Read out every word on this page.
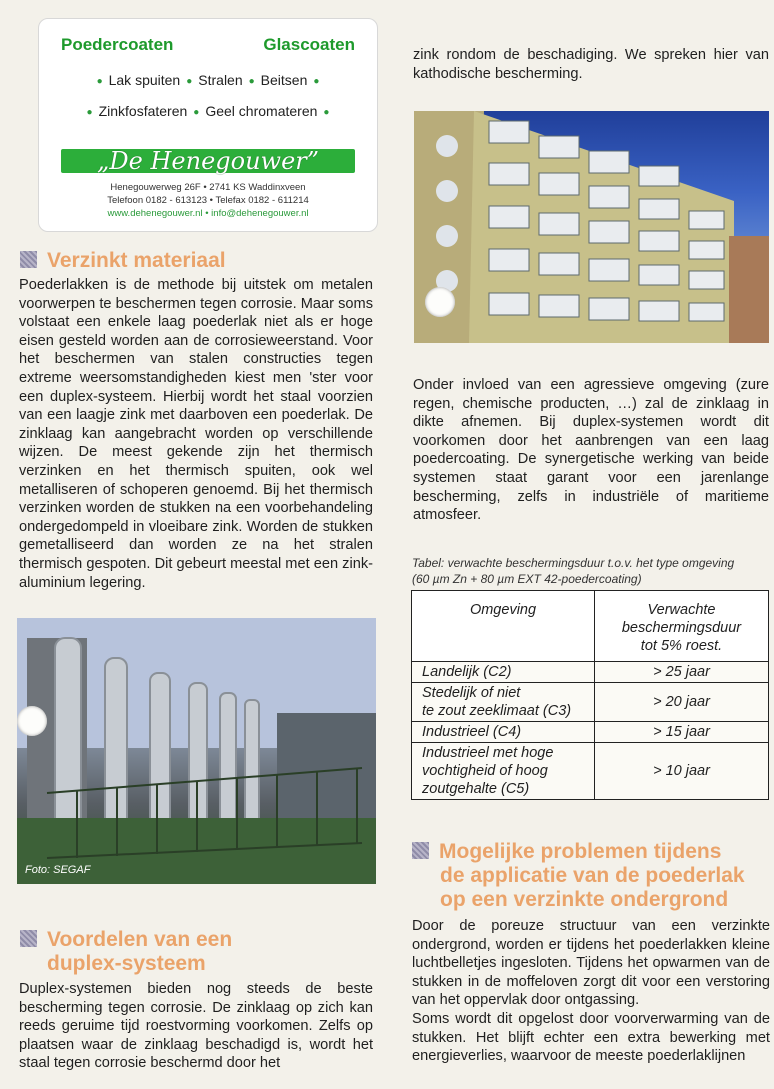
Poedercoaten	Glascoaten
● Lak spuiten ● Stralen ● Beitsen ●
● Zinkfosfateren ● Geel chromateren ●
„De Henegouwer”
Henegouwerweg 26F • 2741 KS Waddinxveen
Telefoon 0182 - 613123 • Telefax 0182 - 611214
www.dehenegouwer.nl • info@dehenegouwer.nl
Verzinkt materiaal
Poederlakken is de methode bij uitstek om metalen voorwerpen te beschermen tegen corrosie. Maar soms volstaat een enkele laag poederlak niet als er hoge eisen gesteld worden aan de corrosieweerstand. Voor het beschermen van stalen constructies tegen extreme weersomstandigheden kiest men 'ster voor een duplex-systeem. Hierbij wordt het staal voorzien van een laagje zink met daarboven een poederlak. De zinklaag kan aangebracht worden op verschillende wijzen. De meest gekende zijn het thermisch verzinken en het thermisch spuiten, ook wel metalliseren of schoperen genoemd. Bij het thermisch verzinken worden de stukken na een voorbehandeling ondergedompeld in vloeibare zink. Worden de stukken gemetalliseerd dan worden ze na het stralen thermisch gespoten. Dit gebeurt meestal met een zink-aluminium legering.
Foto: SEGAF
Voordelen van een
duplex-systeem
Duplex-systemen bieden nog steeds de beste bescherming tegen corrosie. De zinklaag op zich kan reeds geruime tijd roestvorming voorkomen. Zelfs op plaatsen waar de zinklaag beschadigd is, wordt het staal tegen corrosie beschermd door het
zink rondom de beschadiging. We spreken hier van kathodische bescherming.
Onder invloed van een agressieve omgeving (zure regen, chemische producten, …) zal de zinklaag in dikte afnemen. Bij duplex-systemen wordt dit voorkomen door het aanbrengen van een laag poedercoating. De synergetische werking van beide systemen staat garant voor een jarenlange bescherming, zelfs in industriële of maritieme atmosfeer.
Tabel: verwachte beschermingsduur t.o.v. het type omgeving
(60 µm Zn + 80 µm EXT 42-poedercoating)
Omgeving	Verwachte
beschermingsduur
tot 5% roest.

Landelijk (C2)	> 25 jaar

Stedelijk of niet
te zout zeeklimaat (C3)	> 20 jaar

Industrieel (C4)	> 15 jaar

Industrieel met hoge
vochtigheid of hoog
zoutgehalte (C5)	> 10 jaar
Mogelijke problemen tijdens
de applicatie van de poederlak
op een verzinkte ondergrond
Door de poreuze structuur van een verzinkte ondergrond, worden er tijdens het poederlakken kleine luchtbelletjes ingesloten. Tijdens het opwarmen van de stukken in de moffeloven zorgt dit voor een verstoring van het oppervlak door ontgassing.
Soms wordt dit opgelost door voorverwarming van de stukken. Het blijft echter een extra bewerking met energieverlies, waarvoor de meeste poederlaklijnen
